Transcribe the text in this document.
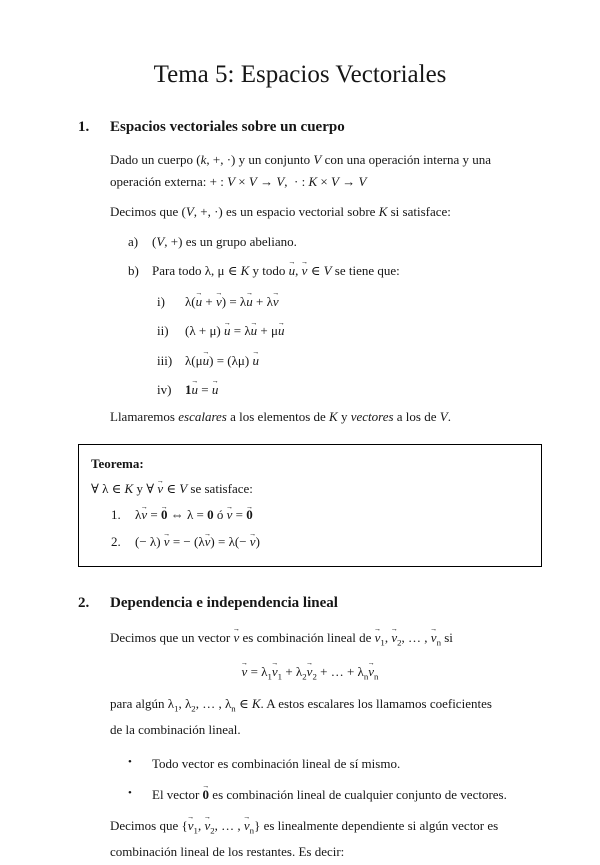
Tema 5: Espacios Vectoriales
1.	Espacios vectoriales sobre un cuerpo

Dado un cuerpo (k, +, ·) y un conjunto V con una operación interna y una
operación externa: + : V × V → V,  · : K × V → V

Decimos que (V, +, ·) es un espacio vectorial sobre K si satisface:

a)	(V, +) es un grupo abeliano.
b)	Para todo λ, μ ∈ K y todo u →, v → ∈ V se tiene que:
i)	λ(u → + v →) = λu → + λv →
ii)	(λ + μ) u → = λu → + μu →
iii) λ(μu →) = (λμ) u →
iv)	1u → = u →

Llamaremos escalares a los elementos de K y vectores a los de V.

Teorema:
∀ λ ∈ K y ∀ v → ∈ V se satisface:
1.	λv → = 0 → ⇔ λ = 0 ó v → = 0 →
2.	(− λ) v → = − (λv →) = λ(− v →)
2.	Dependencia e independencia lineal

Decimos que un vector v → es combinación lineal de $v \to_1$, $v \to_2$, … , $v \to_n$ si

v → = $\lambda_1v \to_1 + \lambda_2v \to_2$ + … + $\lambda_nv \to_n$

para algún $\lambda_1$, $\lambda_2$, … , $\lambda_n$ ∈ K. A estos escalares los llamamos coeficientes
de la combinación lineal.

•	Todo vector es combinación lineal de sí mismo.
•	El vector 0 → es combinación lineal de cualquier conjunto de vectores.

Decimos que {$v \to_1$, $v \to_2$, … , $v \to_n$} es linealmente dependiente si algún vector es
combinación lineal de los restantes. Es decir:
